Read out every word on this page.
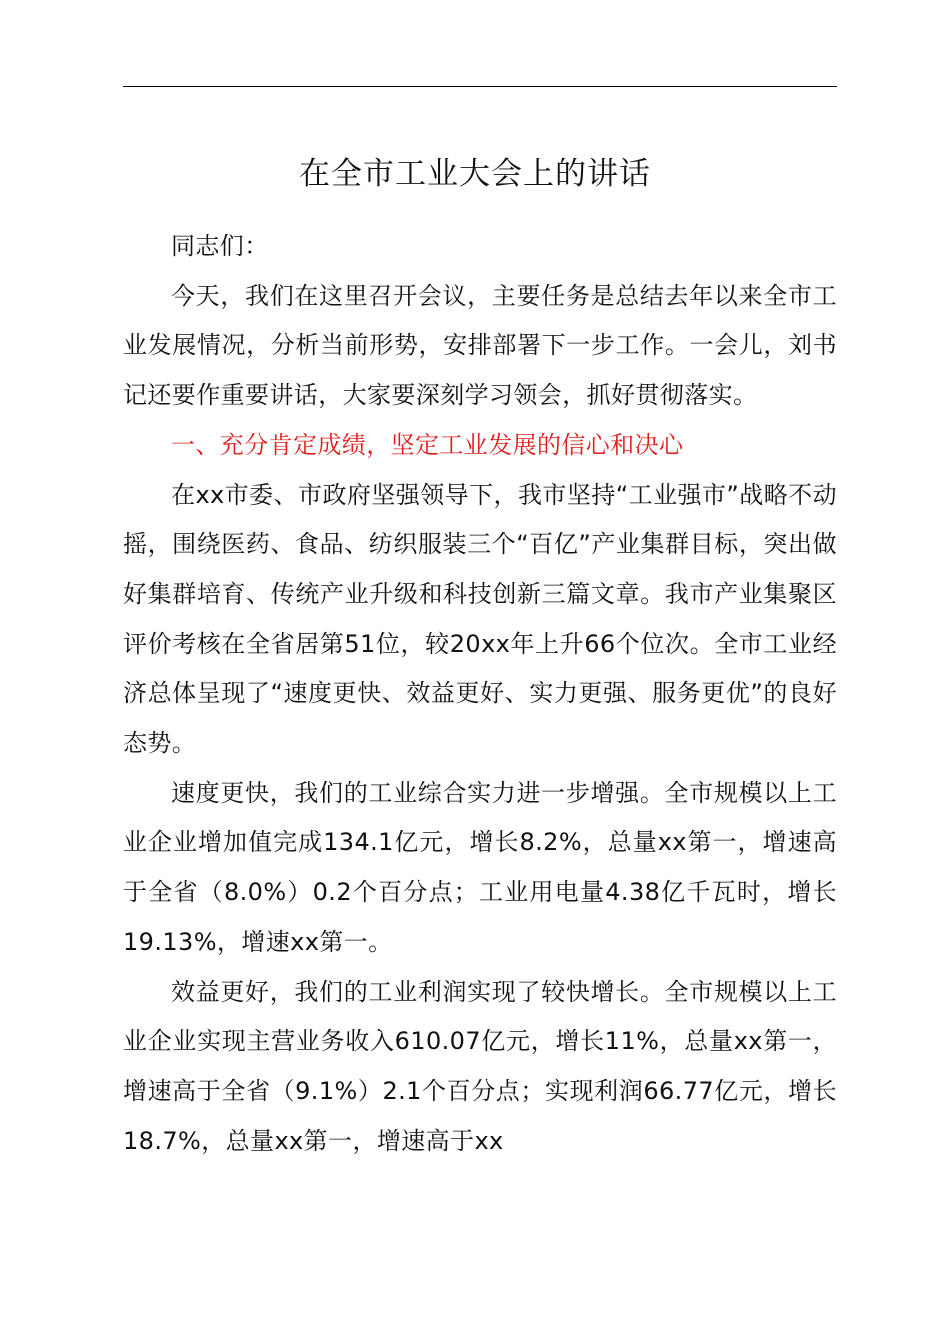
在全市工业大会上的讲话

同志们：

今天，我们在这里召开会议，主要任务是总结去年以来全市工业发展情况，分析当前形势，安排部署下一步工作。一会儿，刘书记还要作重要讲话，大家要深刻学习领会，抓好贯彻落实。

一、充分肯定成绩，坚定工业发展的信心和决心

在xx市委、市政府坚强领导下，我市坚持“工业强市”战略不动摇，围绕医药、食品、纺织服装三个“百亿”产业集群目标，突出做好集群培育、传统产业升级和科技创新三篇文章。我市产业集聚区评价考核在全省居第51位，较20xx年上升66个位次。全市工业经济总体呈现了“速度更快、效益更好、实力更强、服务更优”的良好态势。

速度更快，我们的工业综合实力进一步增强。全市规模以上工业企业增加值完成134.1亿元，增长8.2%，总量xx第一，增速高于全省（8.0%）0.2个百分点；工业用电量4.38亿千瓦时，增长19.13%，增速xx第一。

效益更好，我们的工业利润实现了较快增长。全市规模以上工业企业实现主营业务收入610.07亿元，增长11%，总量xx第一，增速高于全省（9.1%）2.1个百分点；实现利润66.77亿元，增长18.7%，总量xx第一，增速高于xx
